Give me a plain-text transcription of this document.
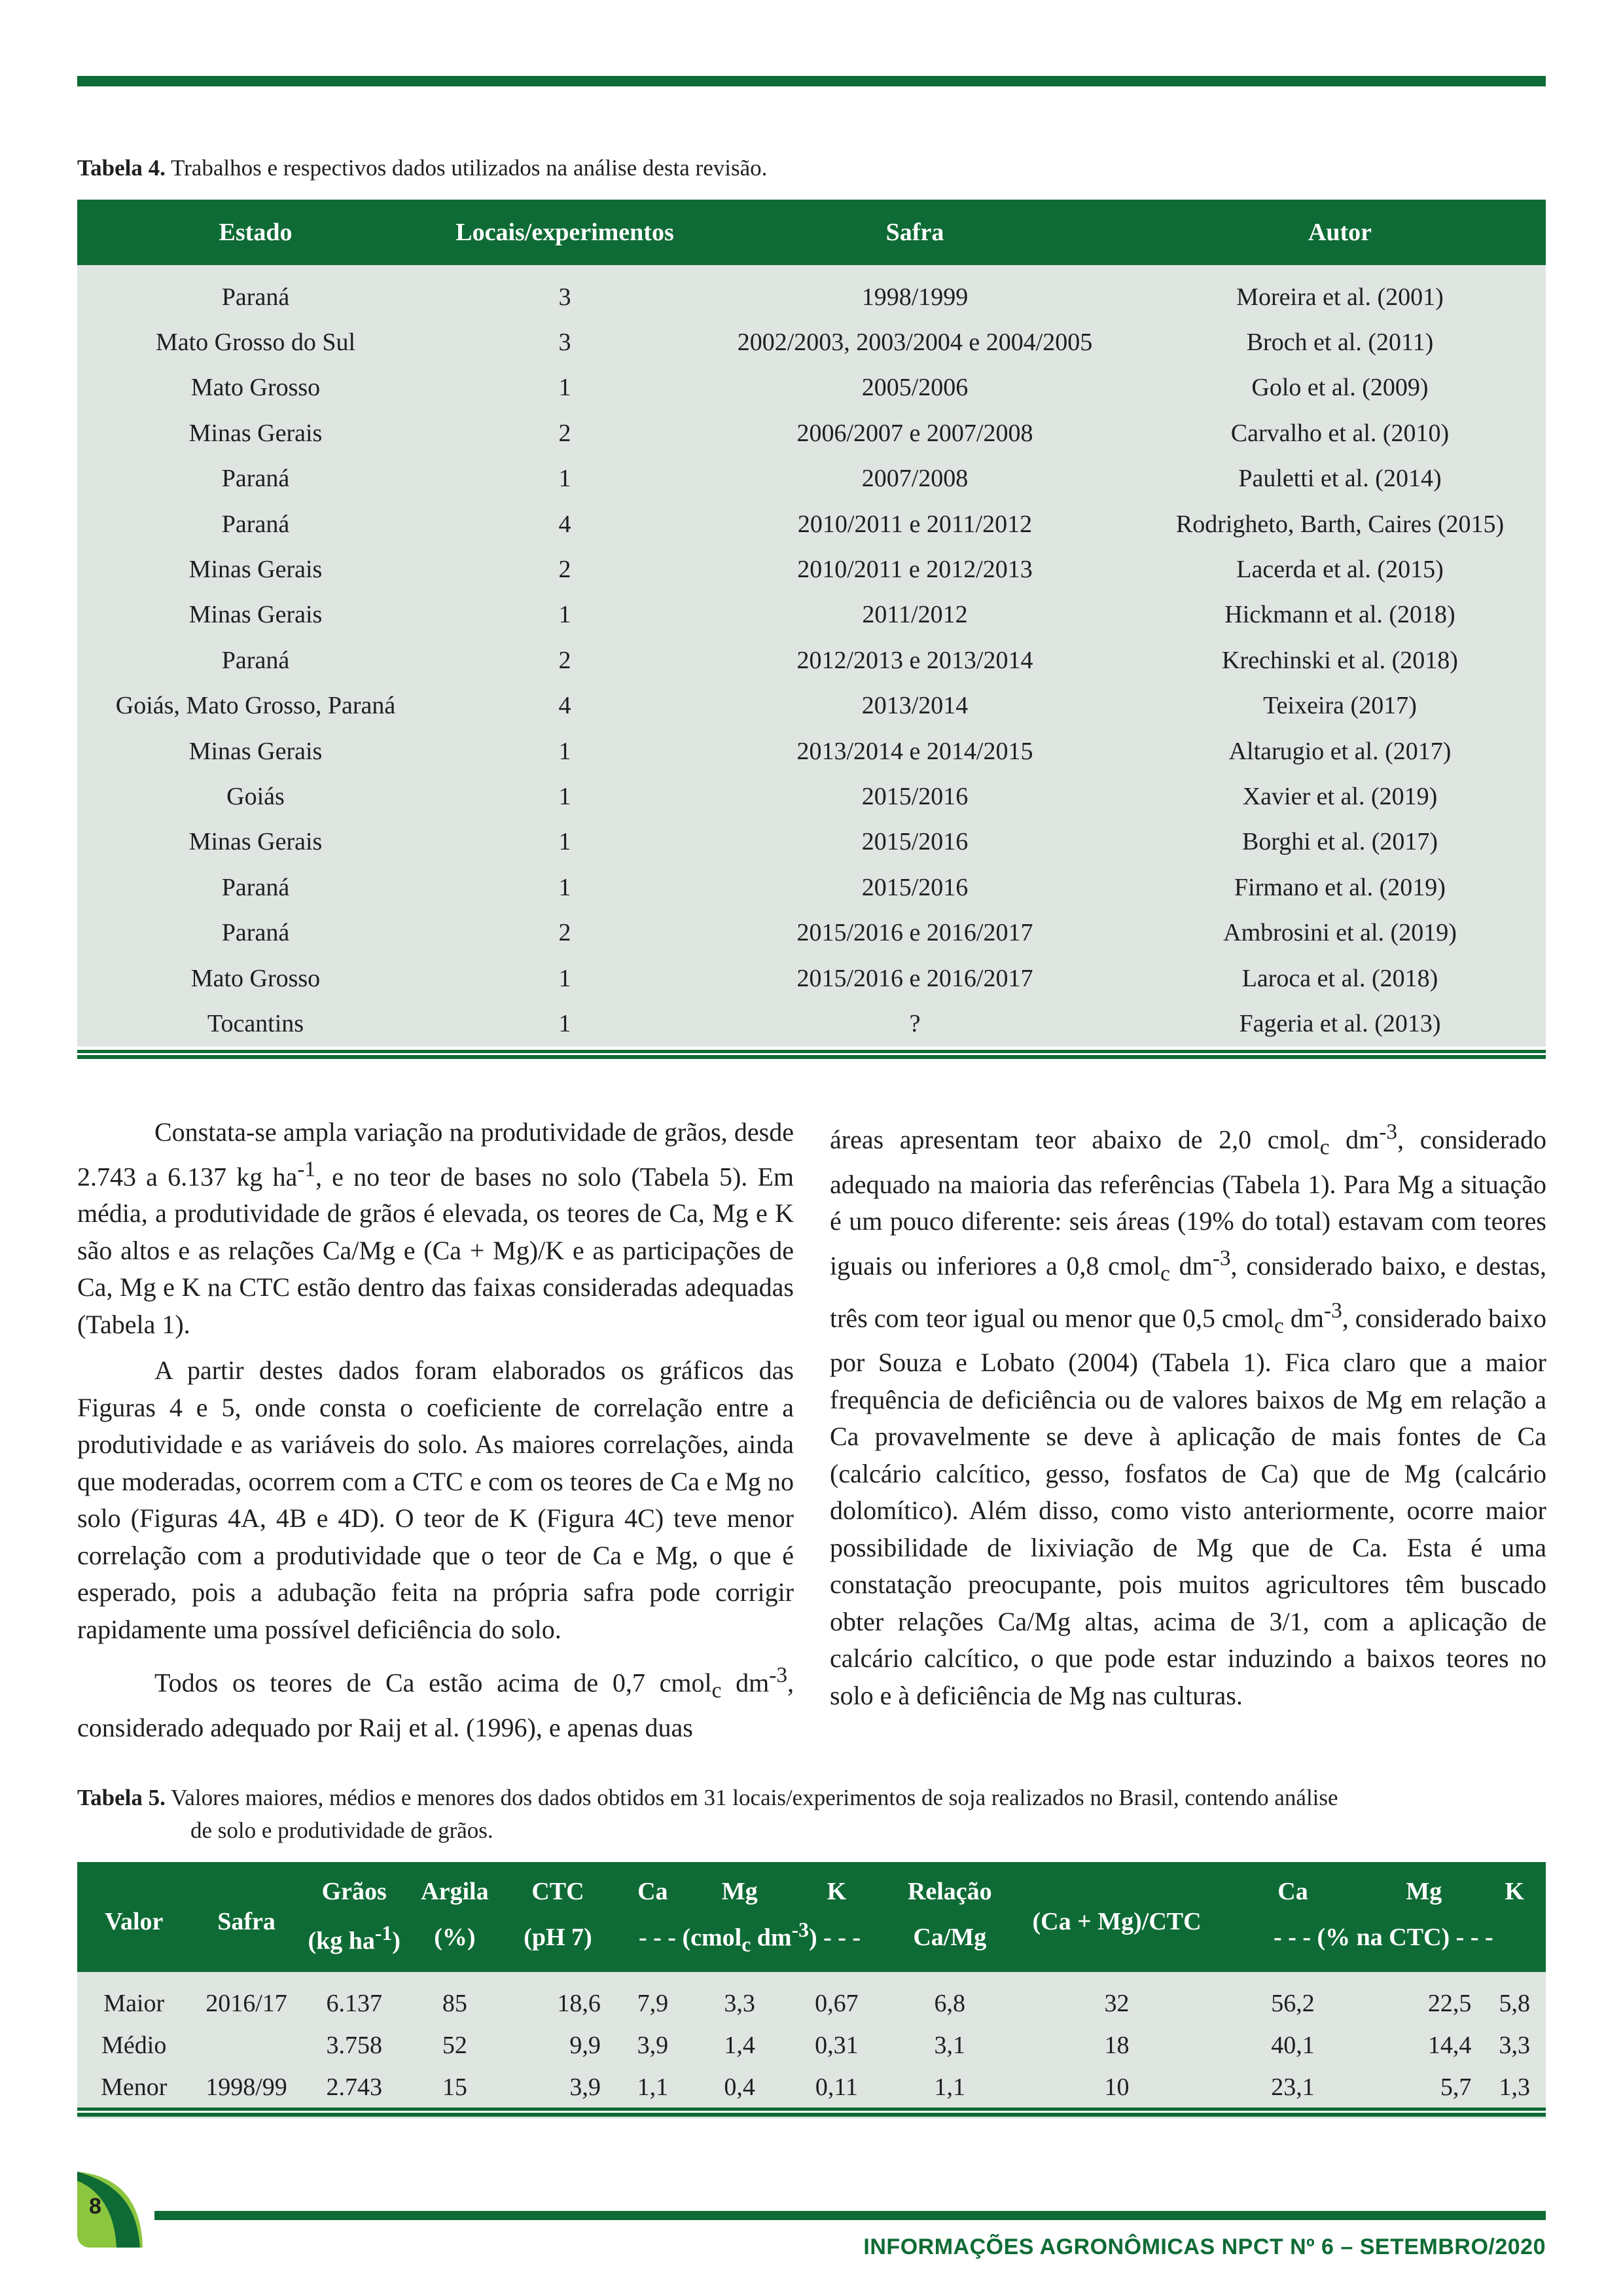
Tabela 4. Trabalhos e respectivos dados utilizados na análise desta revisão.
Estado	Locais/experimentos	Safra	Autor
Paraná	3	1998/1999	Moreira et al. (2001)
Mato Grosso do Sul	3	2002/2003, 2003/2004 e 2004/2005	Broch et al. (2011)
Mato Grosso	1	2005/2006	Golo et al. (2009)
Minas Gerais	2	2006/2007 e 2007/2008	Carvalho et al. (2010)
Paraná	1	2007/2008	Pauletti et al. (2014)
Paraná	4	2010/2011 e 2011/2012	Rodrigheto, Barth, Caires (2015)
Minas Gerais	2	2010/2011 e 2012/2013	Lacerda et al. (2015)
Minas Gerais	1	2011/2012	Hickmann et al. (2018)
Paraná	2	2012/2013 e 2013/2014	Krechinski et al. (2018)
Goiás, Mato Grosso, Paraná	4	2013/2014	Teixeira (2017)
Minas Gerais	1	2013/2014 e 2014/2015	Altarugio et al. (2017)
Goiás	1	2015/2016	Xavier et al. (2019)
Minas Gerais	1	2015/2016	Borghi et al. (2017)
Paraná	1	2015/2016	Firmano et al. (2019)
Paraná	2	2015/2016 e 2016/2017	Ambrosini et al. (2019)
Mato Grosso	1	2015/2016 e 2016/2017	Laroca et al. (2018)
Tocantins	1	?	Fageria et al. (2013)

Constata-se ampla variação na produtividade de grãos, desde 2.743 a 6.137 kg $ha^{-1}$, e no teor de bases no solo (Tabela 5). Em média, a produtividade de grãos é elevada, os teores de Ca, Mg e K são altos e as relações Ca/Mg e (Ca + Mg)/K e as participações de Ca, Mg e K na CTC estão dentro das faixas consideradas adequadas (Tabela 1).

A partir destes dados foram elaborados os gráficos das Figuras 4 e 5, onde consta o coeficiente de correlação entre a produtividade e as variáveis do solo. As maiores correlações, ainda que moderadas, ocorrem com a CTC e com os teores de Ca e Mg no solo (Figuras 4A, 4B e 4D). O teor de K (Figura 4C) teve menor correlação com a produtividade que o teor de Ca e Mg, o que é esperado, pois a adubação feita na própria safra pode corrigir rapidamente uma possível deficiência do solo.

Todos os teores de Ca estão acima de 0,7 cmol$_c$ $dm^{-3}$, considerado adequado por Raij et al. (1996), e apenas duas

áreas apresentam teor abaixo de 2,0 cmol$_c$ $dm^{-3}$, considerado adequado na maioria das referências (Tabela 1). Para Mg a situação é um pouco diferente: seis áreas (19% do total) estavam com teores iguais ou inferiores a 0,8 cmol$_c$ $dm^{-3}$, considerado baixo, e destas, três com teor igual ou menor que 0,5 cmol$_c$ $dm^{-3}$, considerado baixo por Souza e Lobato (2004) (Tabela 1). Fica claro que a maior frequência de deficiência ou de valores baixos de Mg em relação a Ca provavelmente se deve à aplicação de mais fontes de Ca (calcário calcítico, gesso, fosfatos de Ca) que de Mg (calcário dolomítico). Além disso, como visto anteriormente, ocorre maior possibilidade de lixiviação de Mg que de Ca. Esta é uma constatação preocupante, pois muitos agricultores têm buscado obter relações Ca/Mg altas, acima de 3/1, com a aplicação de calcário calcítico, o que pode estar induzindo a baixos teores no solo e à deficiência de Mg nas culturas.

Tabela 5. Valores maiores, médios e menores dos dados obtidos em 31 locais/experimentos de soja realizados no Brasil, contendo análise
de solo e produtividade de grãos.
Valor	Safra	Grãos	Argila	CTC	Ca	Mg	K	Relação	(Ca + Mg)/CTC	Ca	Mg	K
		(kg $ha^{-1}$)	(%)	(pH 7)	- - - (cmol$_c$ $dm^{-3}$) - - -			Ca/Mg		- - - (% na CTC) - - -		
Maior	2016/17	6.137	85	18,6	7,9	3,3	0,67	6,8	32	56,2	22,5	5,8
Médio		3.758	52	9,9	3,9	1,4	0,31	3,1	18	40,1	14,4	3,3
Menor	1998/99	2.743	15	3,9	1,1	0,4	0,11	1,1	10	23,1	5,7	1,3
8
INFORMAÇÕES AGRONÔMICAS NPCT Nº 6 – SETEMBRO/2020
